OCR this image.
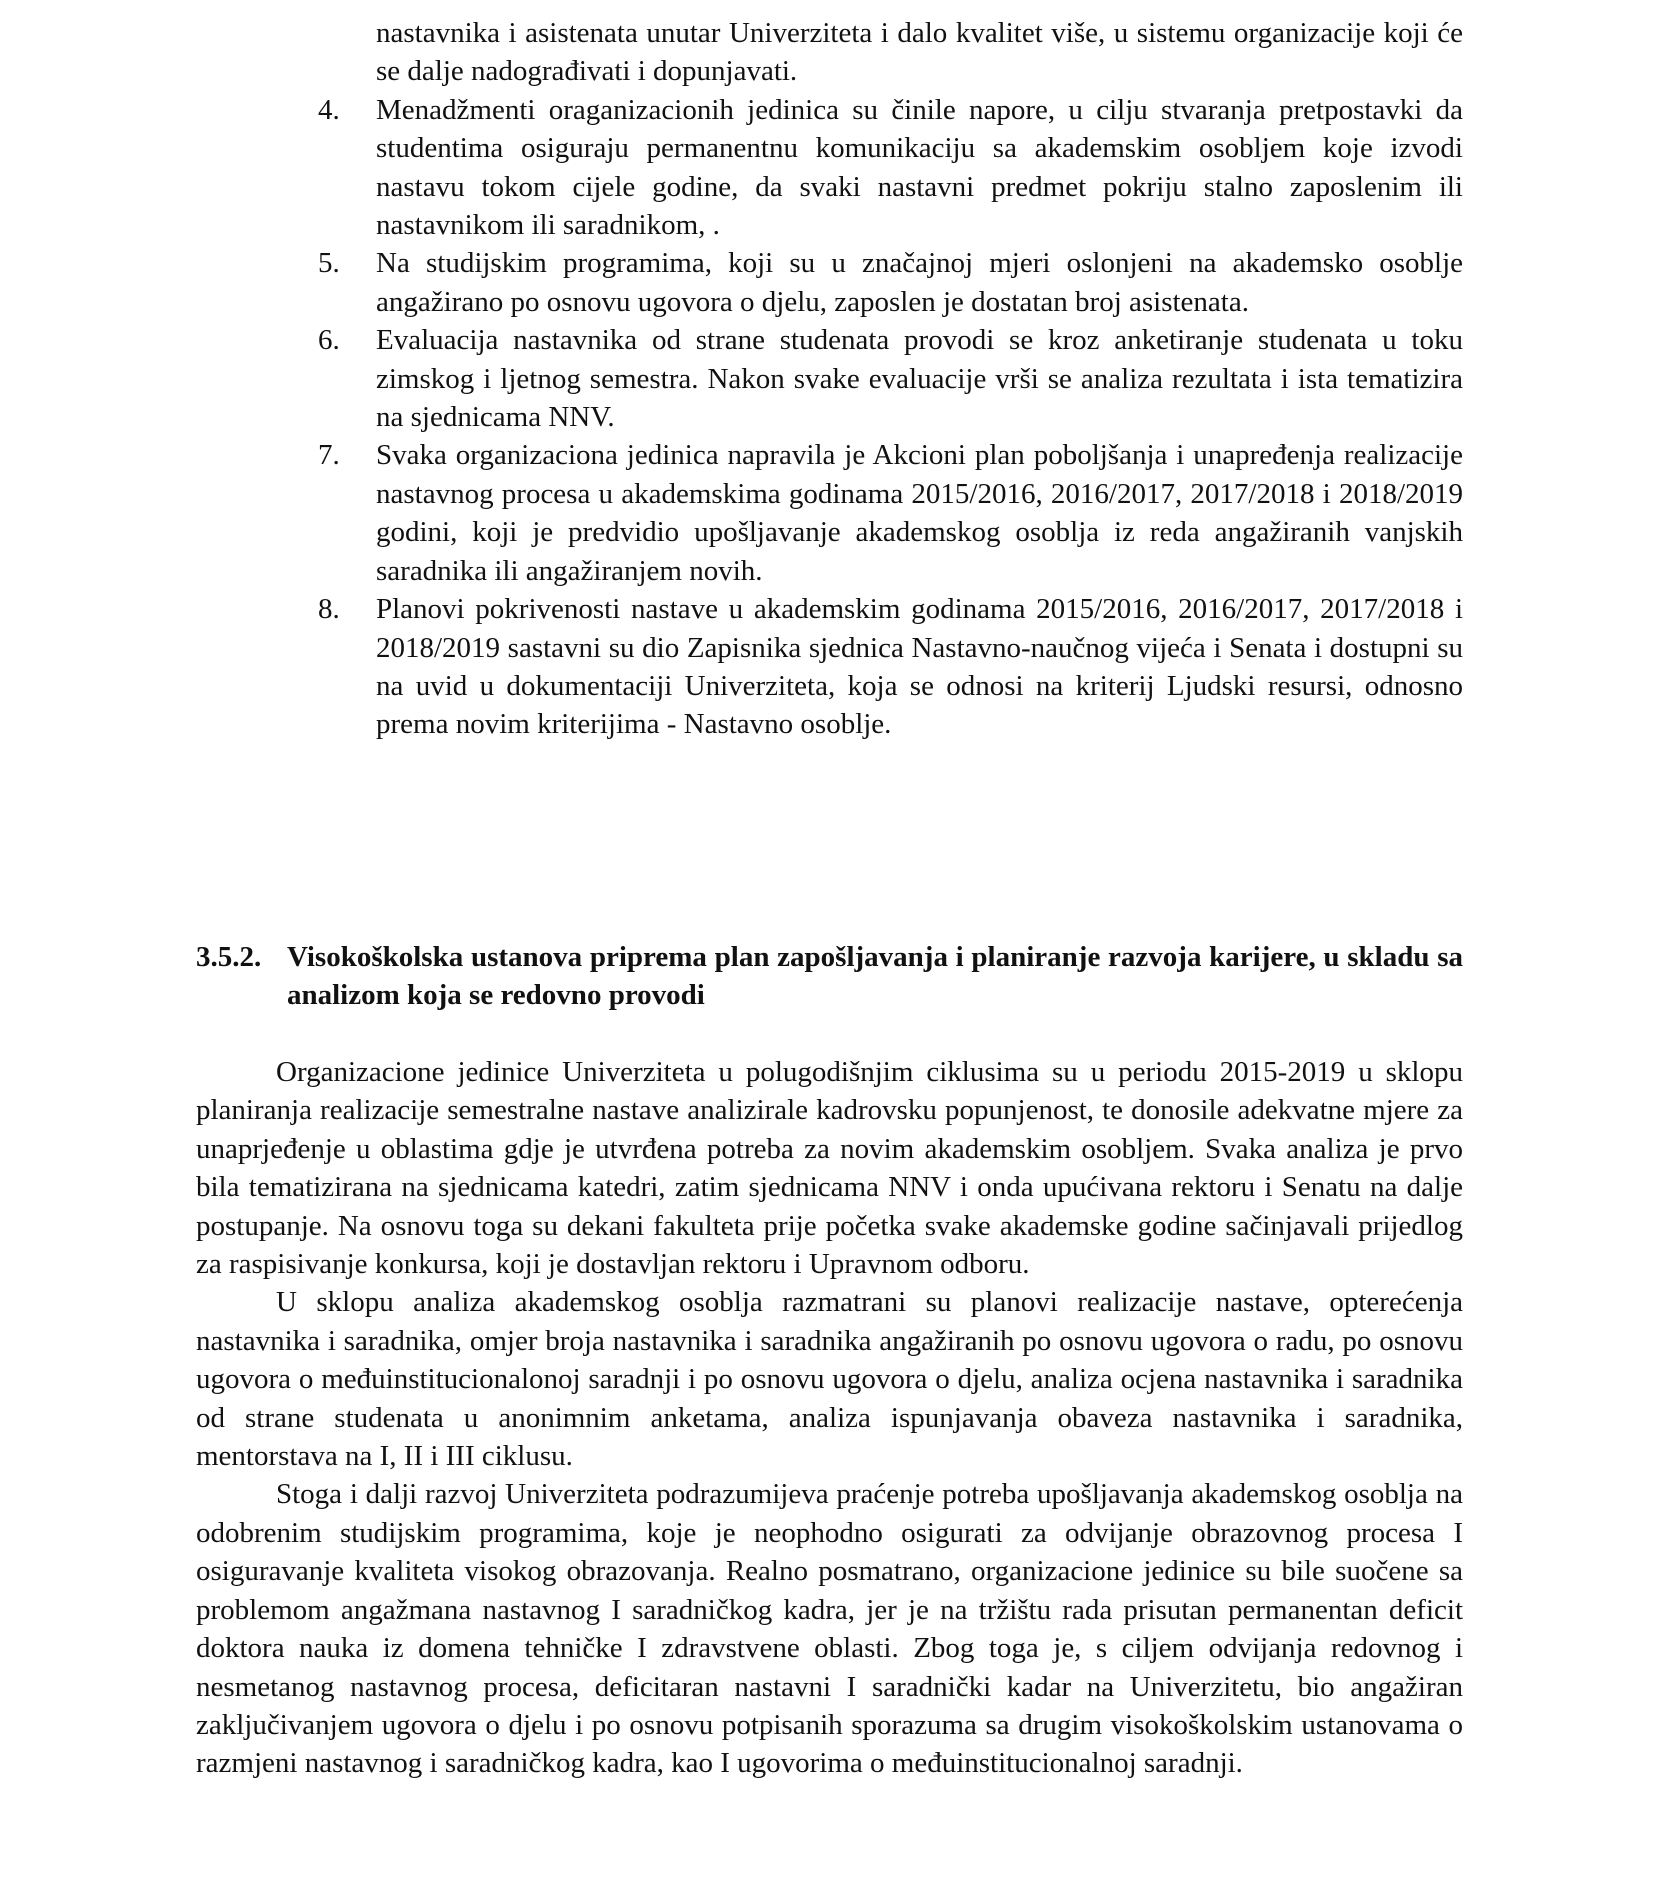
nastavnika i asistenata unutar Univerziteta i dalo kvalitet više, u sistemu organizacije koji će se dalje nadograđivati i dopunjavati.
4.	Menadžmenti oraganizacionih jedinica su činile napore, u cilju stvaranja pretpostavki da studentima osiguraju permanentnu komunikaciju sa akademskim osobljem koje izvodi nastavu tokom cijele godine, da svaki nastavni predmet pokriju stalno zaposlenim ili nastavnikom ili saradnikom, .
5.	Na studijskim programima, koji su u značajnoj mjeri oslonjeni na akademsko osoblje angažirano po osnovu ugovora o djelu, zaposlen je dostatan broj asistenata.
6.	Evaluacija nastavnika od strane studenata provodi se kroz anketiranje studenata u toku zimskog i ljetnog semestra. Nakon svake evaluacije vrši se analiza rezultata i ista tematizira na sjednicama NNV.
7.	Svaka organizaciona jedinica napravila je Akcioni plan poboljšanja i unapređenja realizacije nastavnog procesa u akademskima godinama 2015/2016, 2016/2017, 2017/2018 i 2018/2019 godini, koji je predvidio upošljavanje akademskog osoblja iz reda angažiranih vanjskih saradnika ili angažiranjem novih.
8.	Planovi pokrivenosti nastave u akademskim godinama 2015/2016, 2016/2017, 2017/2018 i 2018/2019 sastavni su dio Zapisnika sjednica Nastavno-naučnog vijeća i Senata i dostupni su na uvid u dokumentaciji Univerziteta, koja se odnosi na kriterij Ljudski resursi, odnosno prema novim kriterijima - Nastavno osoblje.
3.5.2. Visokoškolska ustanova priprema plan zapošljavanja i planiranje razvoja karijere, u skladu sa analizom koja se redovno provodi

Organizacione jedinice Univerziteta u polugodišnjim ciklusima su u periodu 2015-2019 u sklopu planiranja realizacije semestralne nastave analizirale kadrovsku popunjenost, te donosile adekvatne mjere za unaprjeđenje u oblastima gdje je utvrđena potreba za novim akademskim osobljem. Svaka analiza je prvo bila tematizirana na sjednicama katedri, zatim sjednicama NNV i onda upućivana rektoru i Senatu na dalje postupanje. Na osnovu toga su dekani fakulteta prije početka svake akademske godine sačinjavali prijedlog za raspisivanje konkursa, koji je dostavljan rektoru i Upravnom odboru.

U sklopu analiza akademskog osoblja razmatrani su planovi realizacije nastave, opterećenja nastavnika i saradnika, omjer broja nastavnika i saradnika angažiranih po osnovu ugovora o radu, po osnovu ugovora o međuinstitucionalonoj saradnji i po osnovu ugovora o djelu, analiza ocjena nastavnika i saradnika od strane studenata u anonimnim anketama, analiza ispunjavanja obaveza nastavnika i saradnika, mentorstava na I, II i III ciklusu.

Stoga i dalji razvoj Univerziteta podrazumijeva praćenje potreba upošljavanja akademskog osoblja na odobrenim studijskim programima, koje je neophodno osigurati za odvijanje obrazovnog procesa I osiguravanje kvaliteta visokog obrazovanja. Realno posmatrano, organizacione jedinice su bile suočene sa problemom angažmana nastavnog I saradničkog kadra, jer je na tržištu rada prisutan permanentan deficit doktora nauka iz domena tehničke I zdravstvene oblasti. Zbog toga je, s ciljem odvijanja redovnog i nesmetanog nastavnog procesa, deficitaran nastavni I saradnički kadar na Univerzitetu, bio angažiran zaključivanjem ugovora o djelu i po osnovu potpisanih sporazuma sa drugim visokoškolskim ustanovama o razmjeni nastavnog i saradničkog kadra, kao I ugovorima o međuinstitucionalnoj saradnji.
